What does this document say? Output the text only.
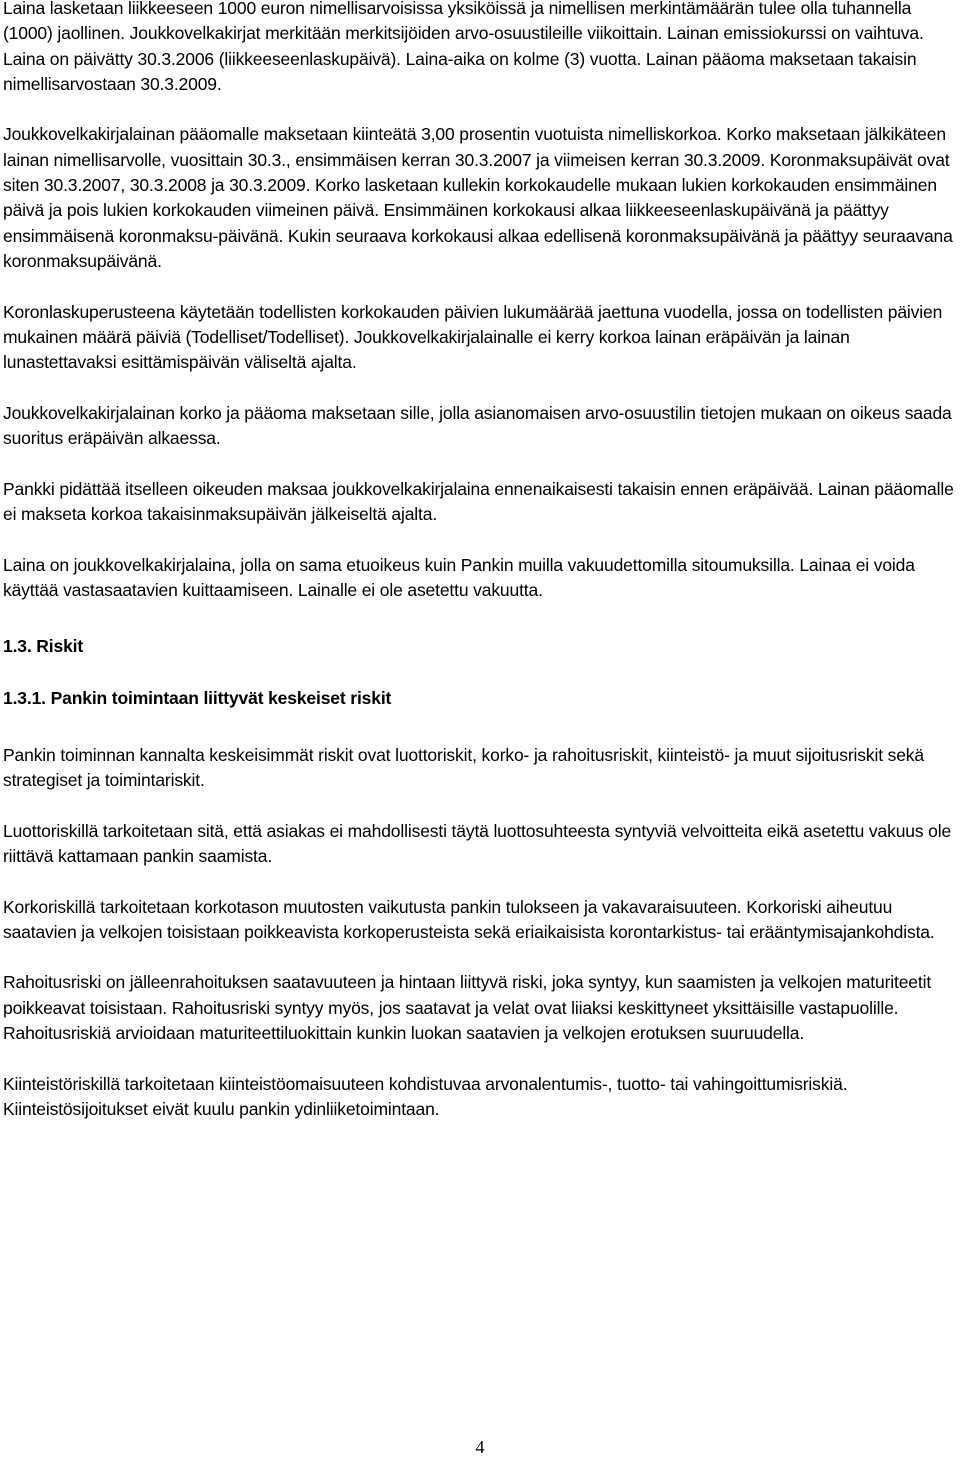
Laina lasketaan liikkeeseen 1000 euron nimellisarvoisissa yksiköissä ja nimellisen merkintämäärän tulee olla tuhannella (1000) jaollinen. Joukkovelkakirjat merkitään merkitsijöiden arvo-osuustileille viikoittain. Lainan emissiokurssi on vaihtuva. Laina on päivätty 30.3.2006 (liikkeeseenlaskupäivä). Laina-aika on kolme (3) vuotta. Lainan pääoma maksetaan takaisin nimellisarvostaan 30.3.2009.

Joukkovelkakirjalainan pääomalle maksetaan kiinteätä 3,00 prosentin vuotuista nimelliskorkoa. Korko maksetaan jälkikäteen lainan nimellisarvolle, vuosittain 30.3., ensimmäisen kerran 30.3.2007 ja viimeisen kerran 30.3.2009. Koronmaksupäivät ovat siten 30.3.2007, 30.3.2008 ja 30.3.2009. Korko lasketaan kullekin korkokaudelle mukaan lukien korkokauden ensimmäinen päivä ja pois lukien korkokauden viimeinen päivä. Ensimmäinen korkokausi alkaa liikkeeseenlaskupäivänä ja päättyy ensimmäisenä koronmaksu-päivänä. Kukin seuraava korkokausi alkaa edellisenä koronmaksupäivänä ja päättyy seuraavana koronmaksupäivänä.

Koronlaskuperusteena käytetään todellisten korkokauden päivien lukumäärää jaettuna vuodella, jossa on todellisten päivien mukainen määrä päiviä (Todelliset/Todelliset). Joukkovelkakirjalainalle ei kerry korkoa lainan eräpäivän ja lainan lunastettavaksi esittämispäivän väliseltä ajalta.

Joukkovelkakirjalainan korko ja pääoma maksetaan sille, jolla asianomaisen arvo-osuustilin tietojen mukaan on oikeus saada suoritus eräpäivän alkaessa.

Pankki pidättää itselleen oikeuden maksaa joukkovelkakirjalaina ennenaikaisesti takaisin ennen eräpäivää. Lainan pääomalle ei makseta korkoa takaisinmaksupäivän jälkeiseltä ajalta.

Laina on joukkovelkakirjalaina, jolla on sama etuoikeus kuin Pankin muilla vakuudettomilla sitoumuksilla. Lainaa ei voida käyttää vastasaatavien kuittaamiseen. Lainalle ei ole asetettu vakuutta.

1.3. Riskit

1.3.1. Pankin toimintaan liittyvät keskeiset riskit

Pankin toiminnan kannalta keskeisimmät riskit ovat luottoriskit, korko- ja rahoitusriskit, kiinteistö- ja muut sijoitusriskit sekä strategiset ja toimintariskit.

Luottoriskillä tarkoitetaan sitä, että asiakas ei mahdollisesti täytä luottosuhteesta syntyviä velvoitteita eikä asetettu vakuus ole riittävä kattamaan pankin saamista.

Korkoriskillä tarkoitetaan korkotason muutosten vaikutusta pankin tulokseen ja vakavaraisuuteen. Korkoriski aiheutuu saatavien ja velkojen toisistaan poikkeavista korkoperusteista sekä eriaikaisista korontarkistus- tai erääntymisajankohdista.

Rahoitusriski on jälleenrahoituksen saatavuuteen ja hintaan liittyvä riski, joka syntyy, kun saamisten ja velkojen maturiteetit poikkeavat toisistaan. Rahoitusriski syntyy myös, jos saatavat ja velat ovat liiaksi keskittyneet yksittäisille vastapuolille. Rahoitusriskiä arvioidaan maturiteettiluokittain kunkin luokan saatavien ja velkojen erotuksen suuruudella.

Kiinteistöriskillä tarkoitetaan kiinteistöomaisuuteen kohdistuvaa arvonalentumis-, tuotto- tai vahingoittumisriskiä. Kiinteistösijoitukset eivät kuulu pankin ydinliiketoimintaan.

4
